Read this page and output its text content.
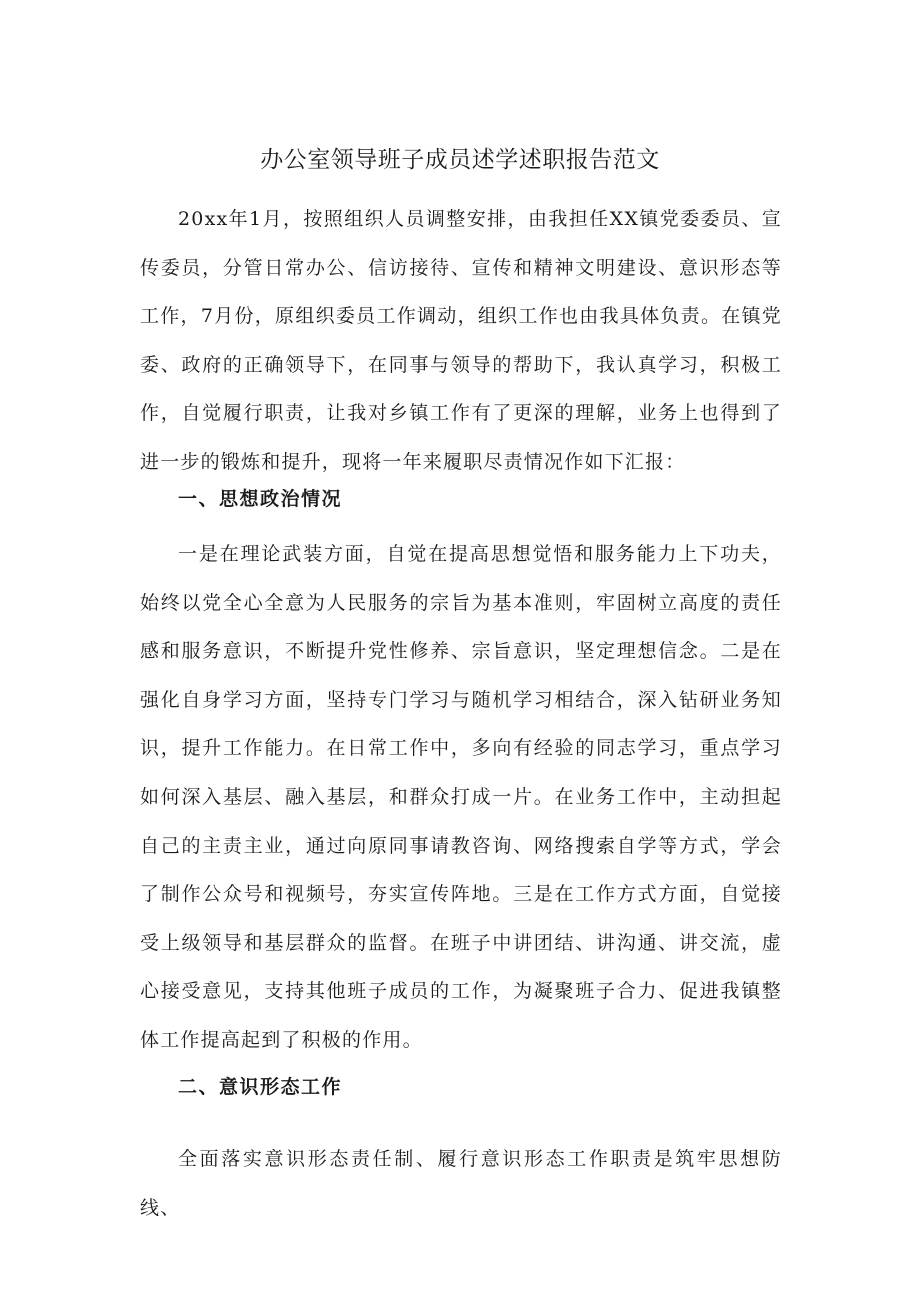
办公室领导班子成员述学述职报告范文

20xx年1月，按照组织人员调整安排，由我担任XX镇党委委员、宣传委员，分管日常办公、信访接待、宣传和精神文明建设、意识形态等工作，7月份，原组织委员工作调动，组织工作也由我具体负责。在镇党委、政府的正确领导下，在同事与领导的帮助下，我认真学习，积极工作，自觉履行职责，让我对乡镇工作有了更深的理解，业务上也得到了进一步的锻炼和提升，现将一年来履职尽责情况作如下汇报：

一、思想政治情况

一是在理论武装方面，自觉在提高思想觉悟和服务能力上下功夫，始终以党全心全意为人民服务的宗旨为基本准则，牢固树立高度的责任感和服务意识，不断提升党性修养、宗旨意识，坚定理想信念。二是在强化自身学习方面，坚持专门学习与随机学习相结合，深入钻研业务知识，提升工作能力。在日常工作中，多向有经验的同志学习，重点学习如何深入基层、融入基层，和群众打成一片。在业务工作中，主动担起自己的主责主业，通过向原同事请教咨询、网络搜索自学等方式，学会了制作公众号和视频号，夯实宣传阵地。三是在工作方式方面，自觉接受上级领导和基层群众的监督。在班子中讲团结、讲沟通、讲交流，虚心接受意见，支持其他班子成员的工作，为凝聚班子合力、促进我镇整体工作提高起到了积极的作用。

二、意识形态工作

全面落实意识形态责任制、履行意识形态工作职责是筑牢思想防线、
